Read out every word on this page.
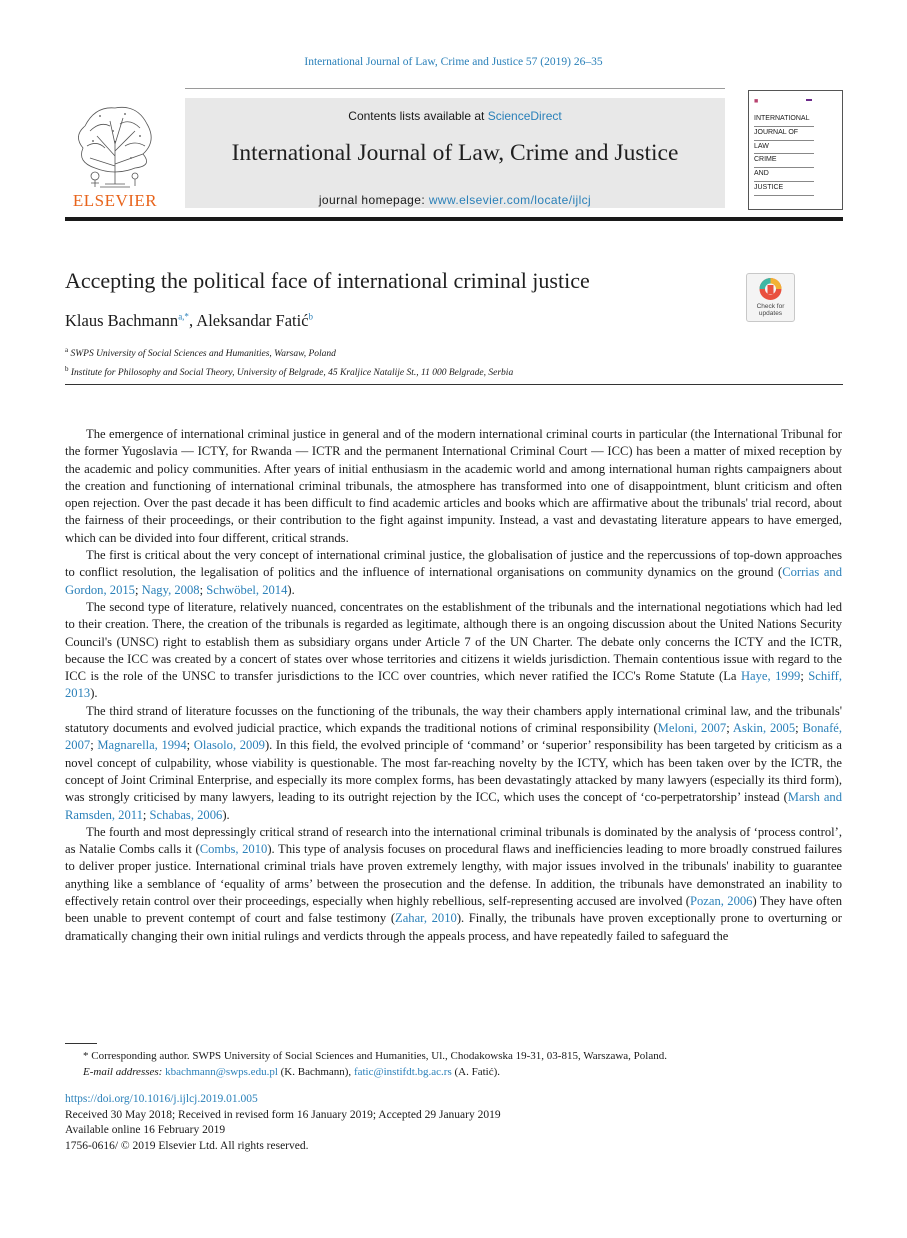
International Journal of Law, Crime and Justice 57 (2019) 26–35
ELSEVIER
Contents lists available at ScienceDirect
International Journal of Law, Crime and Justice
journal homepage: www.elsevier.com/locate/ijlcj
■
INTERNATIONAL
JOURNAL OF
LAW
CRIME
AND
JUSTICE
Accepting the political face of international criminal justice
Check for updates
Klaus Bachmann$^{a,*}$, Aleksandar Fatić$^b$
$^a$ SWPS University of Social Sciences and Humanities, Warsaw, Poland
$^b$ Institute for Philosophy and Social Theory, University of Belgrade, 45 Kraljice Natalije St., 11 000 Belgrade, Serbia

The emergence of international criminal justice in general and of the modern international criminal courts in particular (the International Tribunal for the former Yugoslavia — ICTY, for Rwanda — ICTR and the permanent International Criminal Court — ICC) has been a matter of mixed reception by the academic and policy communities. After years of initial enthusiasm in the academic world and among international human rights campaigners about the creation and functioning of international criminal tribunals, the atmosphere has transformed into one of disappointment, blunt criticism and often open rejection. Over the past decade it has been difficult to find academic articles and books which are affirmative about the tribunals' trial record, about the fairness of their proceedings, or their contribution to the fight against impunity. Instead, a vast and devastating literature appears to have emerged, which can be divided into four different, critical strands.

The first is critical about the very concept of international criminal justice, the globalisation of justice and the repercussions of top-down approaches to conflict resolution, the legalisation of politics and the influence of international organisations on community dynamics on the ground (Corrias and Gordon, 2015; Nagy, 2008; Schwöbel, 2014).

The second type of literature, relatively nuanced, concentrates on the establishment of the tribunals and the international negotiations which had led to their creation. There, the creation of the tribunals is regarded as legitimate, although there is an ongoing discussion about the United Nations Security Council's (UNSC) right to establish them as subsidiary organs under Article 7 of the UN Charter. The debate only concerns the ICTY and the ICTR, because the ICC was created by a concert of states over whose territories and citizens it wields jurisdiction. Themain contentious issue with regard to the ICC is the role of the UNSC to transfer jurisdictions to the ICC over countries, which never ratified the ICC's Rome Statute (La Haye, 1999; Schiff, 2013).

The third strand of literature focusses on the functioning of the tribunals, the way their chambers apply international criminal law, and the tribunals' statutory documents and evolved judicial practice, which expands the traditional notions of criminal responsibility (Meloni, 2007; Askin, 2005; Bonafé, 2007; Magnarella, 1994; Olasolo, 2009). In this field, the evolved principle of ‘command’ or ‘superior’ responsibility has been targeted by criticism as a novel concept of culpability, whose viability is questionable. The most far-reaching novelty by the ICTY, which has been taken over by the ICTR, the concept of Joint Criminal Enterprise, and especially its more complex forms, has been devastatingly attacked by many lawyers (especially its third form), was strongly criticised by many lawyers, leading to its outright rejection by the ICC, which uses the concept of ‘co-perpetratorship’ instead (Marsh and Ramsden, 2011; Schabas, 2006).

The fourth and most depressingly critical strand of research into the international criminal tribunals is dominated by the analysis of ‘process control’, as Natalie Combs calls it (Combs, 2010). This type of analysis focuses on procedural flaws and inefficiencies leading to more broadly construed failures to deliver proper justice. International criminal trials have proven extremely lengthy, with major issues involved in the tribunals' inability to guarantee anything like a semblance of ‘equality of arms’ between the prosecution and the defense. In addition, the tribunals have demonstrated an inability to effectively retain control over their proceedings, especially when highly rebellious, self-representing accused are involved (Pozan, 2006) They have often been unable to prevent contempt of court and false testimony (Zahar, 2010). Finally, the tribunals have proven exceptionally prone to overturning or dramatically changing their own initial rulings and verdicts through the appeals process, and have repeatedly failed to safeguard the

* Corresponding author. SWPS University of Social Sciences and Humanities, Ul., Chodakowska 19-31, 03-815, Warszawa, Poland.
E-mail addresses: kbachmann@swps.edu.pl (K. Bachmann), fatic@instifdt.bg.ac.rs (A. Fatić).
https://doi.org/10.1016/j.ijlcj.2019.01.005
Received 30 May 2018; Received in revised form 16 January 2019; Accepted 29 January 2019
Available online 16 February 2019
1756-0616/ © 2019 Elsevier Ltd. All rights reserved.
